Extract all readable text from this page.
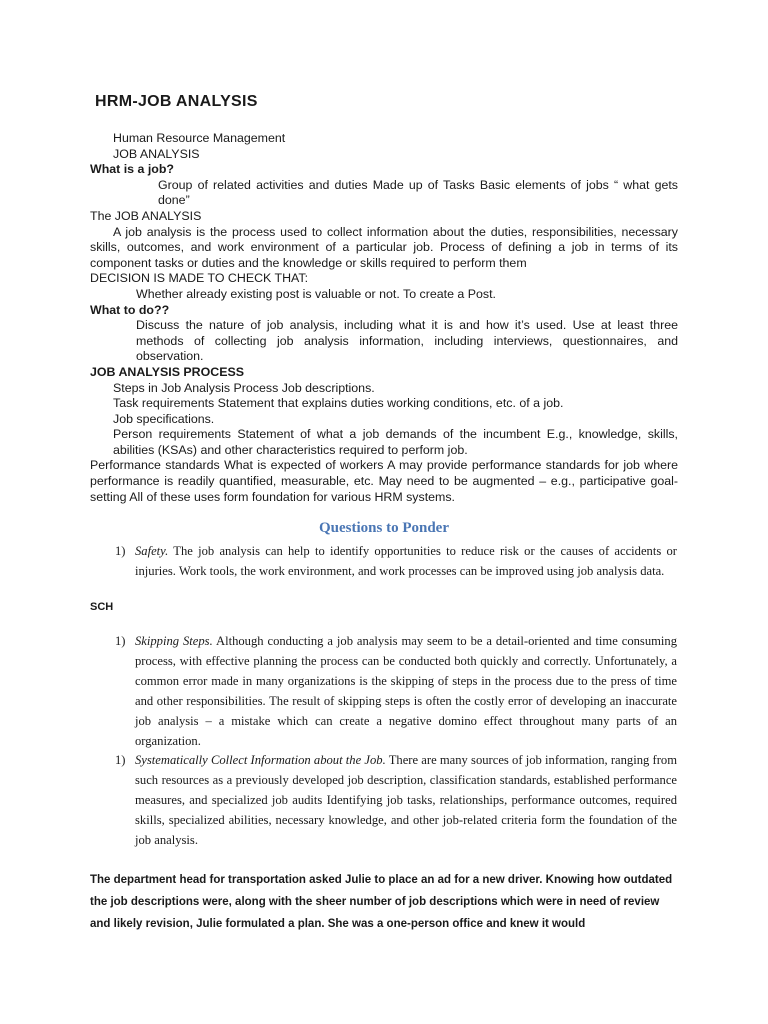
HRM-JOB ANALYSIS

Human Resource Management

JOB ANALYSIS

What is a job?

Group of related activities and duties Made up of Tasks Basic elements of jobs “ what gets done”

The JOB ANALYSIS

A job analysis is the process used to collect information about the duties, responsibilities, necessary skills, outcomes, and work environment of a particular job. Process of defining a job in terms of its component tasks or duties and the knowledge or skills required to perform them

DECISION IS MADE TO CHECK THAT:

Whether already existing post is valuable or not. To create a Post.

What to do??

Discuss the nature of job analysis, including what it is and how it’s used. Use at least three methods of collecting job analysis information, including interviews, questionnaires, and observation.

JOB ANALYSIS PROCESS

Steps in Job Analysis Process Job descriptions.

Task requirements Statement that explains duties working conditions, etc. of a job.

Job specifications.

Person requirements Statement of what a job demands of the incumbent E.g., knowledge, skills, abilities (KSAs) and other characteristics required to perform job.

Performance standards What is expected of workers A may provide performance standards for job where performance is readily quantified, measurable, etc. May need to be augmented – e.g., participative goal-setting All of these uses form foundation for various HRM systems.

Questions to Ponder
1) Safety. The job analysis can help to identify opportunities to reduce risk or the causes of accidents or injuries. Work tools, the work environment, and work processes can be improved using job analysis data.
SCH
1) Skipping Steps. Although conducting a job analysis may seem to be a detail-oriented and time consuming process, with effective planning the process can be conducted both quickly and correctly. Unfortunately, a common error made in many organizations is the skipping of steps in the process due to the press of time and other responsibilities. The result of skipping steps is often the costly error of developing an inaccurate job analysis – a mistake which can create a negative domino effect throughout many parts of an organization.
1) Systematically Collect Information about the Job. There are many sources of job information, ranging from such resources as a previously developed job description, classification standards, established performance measures, and specialized job audits Identifying job tasks, relationships, performance outcomes, required skills, specialized abilities, necessary knowledge, and other job-related criteria form the foundation of the job analysis.
The department head for transportation asked Julie to place an ad for a new driver. Knowing how outdated the job descriptions were, along with the sheer number of job descriptions which were in need of review and likely revision, Julie formulated a plan. She was a one-person office and knew it would
